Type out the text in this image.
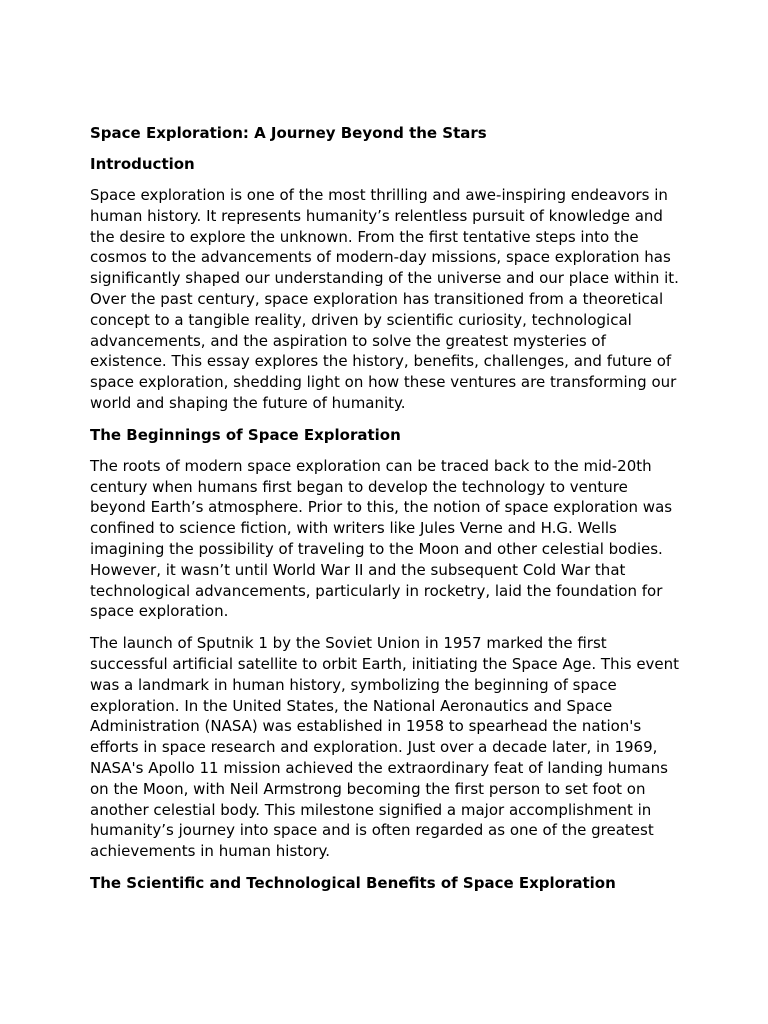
Space Exploration: A Journey Beyond the Stars

Introduction

Space exploration is one of the most thrilling and awe-inspiring endeavors in human history. It represents humanity’s relentless pursuit of knowledge and the desire to explore the unknown. From the first tentative steps into the cosmos to the advancements of modern-day missions, space exploration has significantly shaped our understanding of the universe and our place within it. Over the past century, space exploration has transitioned from a theoretical concept to a tangible reality, driven by scientific curiosity, technological advancements, and the aspiration to solve the greatest mysteries of existence. This essay explores the history, benefits, challenges, and future of space exploration, shedding light on how these ventures are transforming our world and shaping the future of humanity.

The Beginnings of Space Exploration

The roots of modern space exploration can be traced back to the mid-20th century when humans first began to develop the technology to venture beyond Earth’s atmosphere. Prior to this, the notion of space exploration was confined to science fiction, with writers like Jules Verne and H.G. Wells imagining the possibility of traveling to the Moon and other celestial bodies. However, it wasn’t until World War II and the subsequent Cold War that technological advancements, particularly in rocketry, laid the foundation for space exploration.

The launch of Sputnik 1 by the Soviet Union in 1957 marked the first successful artificial satellite to orbit Earth, initiating the Space Age. This event was a landmark in human history, symbolizing the beginning of space exploration. In the United States, the National Aeronautics and Space Administration (NASA) was established in 1958 to spearhead the nation's efforts in space research and exploration. Just over a decade later, in 1969, NASA's Apollo 11 mission achieved the extraordinary feat of landing humans on the Moon, with Neil Armstrong becoming the first person to set foot on another celestial body. This milestone signified a major accomplishment in humanity’s journey into space and is often regarded as one of the greatest achievements in human history.

The Scientific and Technological Benefits of Space Exploration
